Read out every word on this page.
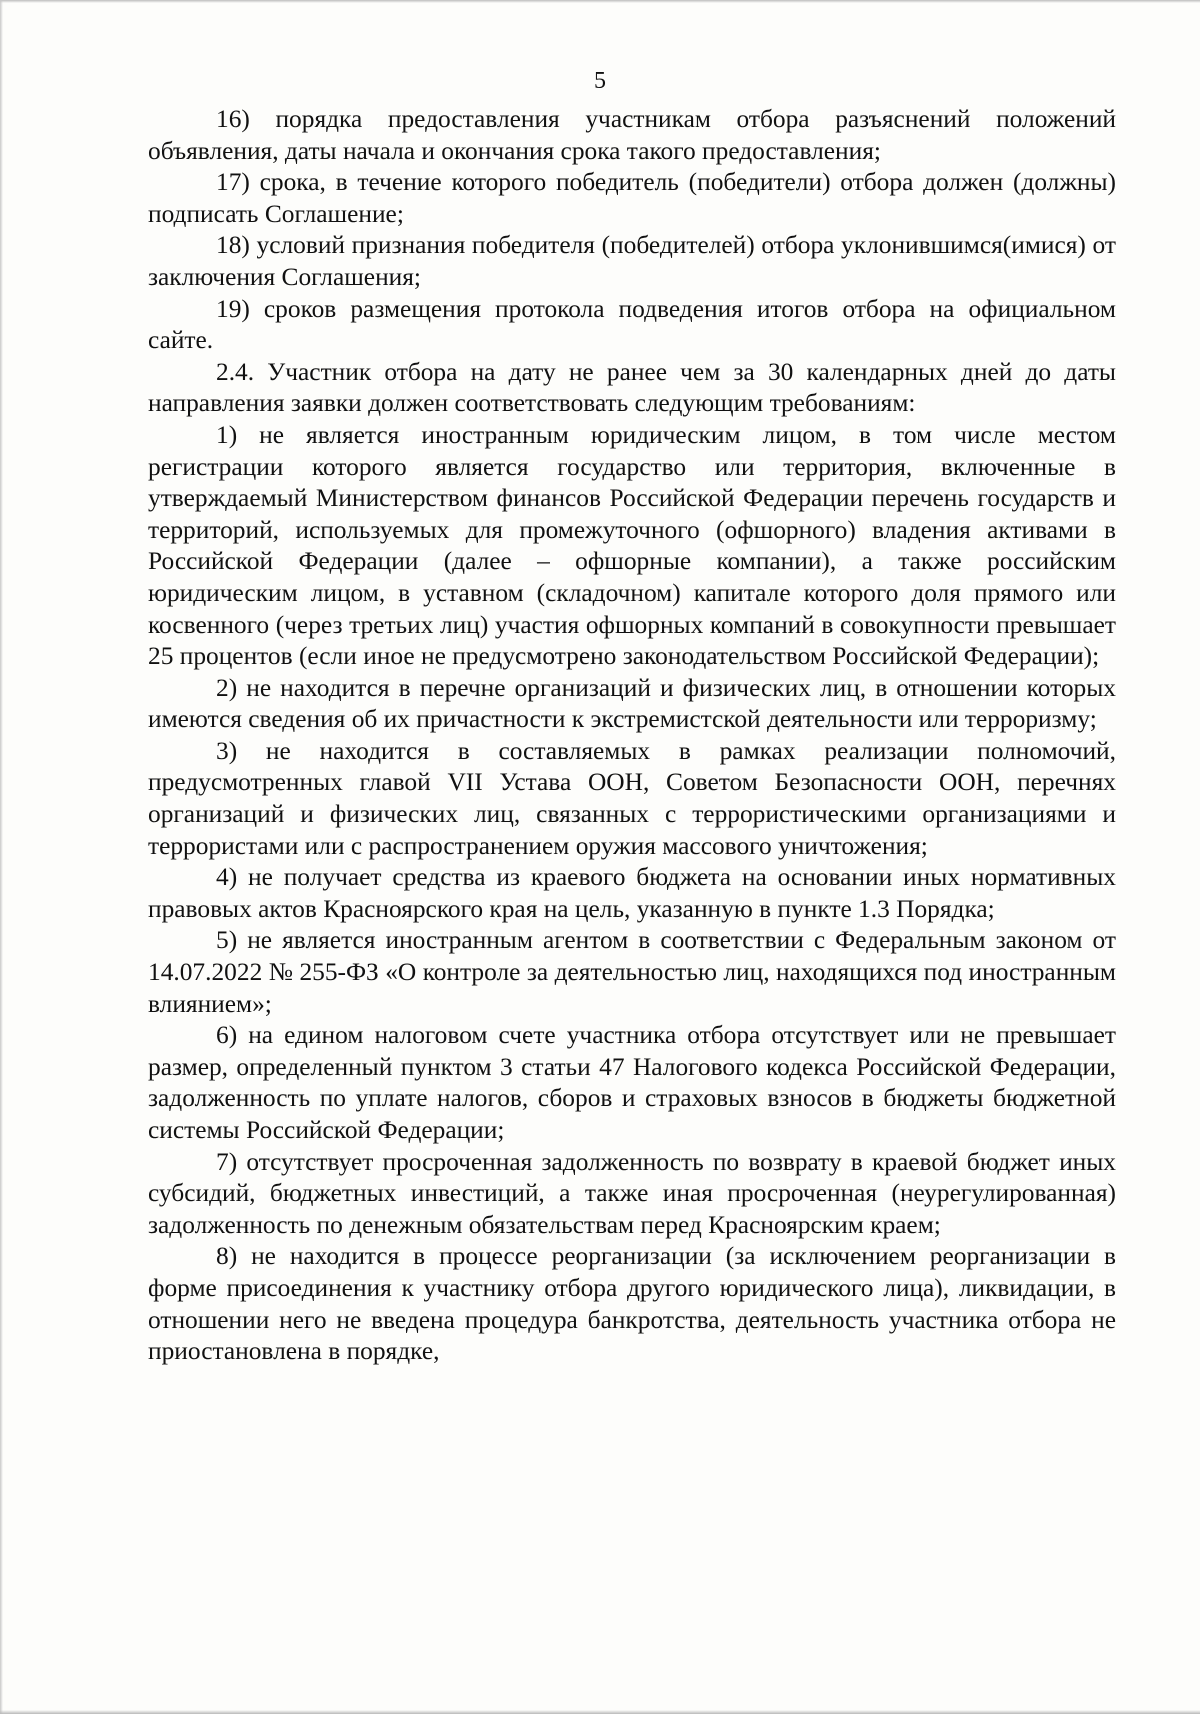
5

16) порядка предоставления участникам отбора разъяснений положений объявления, даты начала и окончания срока такого предоставления;

17) срока, в течение которого победитель (победители) отбора должен (должны) подписать Соглашение;

18) условий признания победителя (победителей) отбора уклонившимся(имися) от заключения Соглашения;

19) сроков размещения протокола подведения итогов отбора на официальном сайте.

2.4. Участник отбора на дату не ранее чем за 30 календарных дней до даты направления заявки должен соответствовать следующим требованиям:

1) не является иностранным юридическим лицом, в том числе местом регистрации которого является государство или территория, включенные в утверждаемый Министерством финансов Российской Федерации перечень государств и территорий, используемых для промежуточного (офшорного) владения активами в Российской Федерации (далее – офшорные компании), а также российским юридическим лицом, в уставном (складочном) капитале которого доля прямого или косвенного (через третьих лиц) участия офшорных компаний в совокупности превышает 25 процентов (если иное не предусмотрено законодательством Российской Федерации);

2) не находится в перечне организаций и физических лиц, в отношении которых имеются сведения об их причастности к экстремистской деятельности или терроризму;

3) не находится в составляемых в рамках реализации полномочий, предусмотренных главой VII Устава ООН, Советом Безопасности ООН, перечнях организаций и физических лиц, связанных с террористическими организациями и террористами или с распространением оружия массового уничтожения;

4) не получает средства из краевого бюджета на основании иных нормативных правовых актов Красноярского края на цель, указанную в пункте 1.3 Порядка;

5) не является иностранным агентом в соответствии с Федеральным законом от 14.07.2022 № 255-ФЗ «О контроле за деятельностью лиц, находящихся под иностранным влиянием»;

6) на едином налоговом счете участника отбора отсутствует или не превышает размер, определенный пунктом 3 статьи 47 Налогового кодекса Российской Федерации, задолженность по уплате налогов, сборов и страховых взносов в бюджеты бюджетной системы Российской Федерации;

7) отсутствует просроченная задолженность по возврату в краевой бюджет иных субсидий, бюджетных инвестиций, а также иная просроченная (неурегулированная) задолженность по денежным обязательствам перед Красноярским краем;

8) не находится в процессе реорганизации (за исключением реорганизации в форме присоединения к участнику отбора другого юридического лица), ликвидации, в отношении него не введена процедура банкротства, деятельность участника отбора не приостановлена в порядке,
